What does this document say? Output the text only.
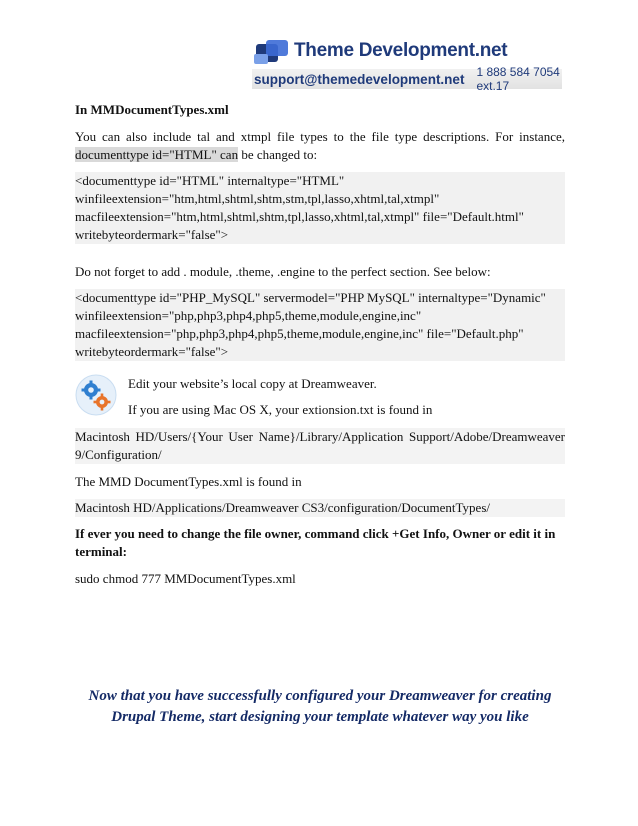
Theme Development.net
support@themedevelopment.net 1 888 584 7054 ext.17
In MMDocumentTypes.xml
You can also include tal and xtmpl file types to the file type descriptions. For instance,
documenttype id="HTML" can be changed to:
<documenttype id="HTML" internaltype="HTML"
winfileextension="htm,html,shtml,shtm,stm,tpl,lasso,xhtml,tal,xtmpl"
macfileextension="htm,html,shtml,shtm,tpl,lasso,xhtml,tal,xtmpl" file="Default.html"
writebyteordermark="false">
Do not forget to add . module, .theme, .engine to the perfect section. See below:
<documenttype id="PHP_MySQL" servermodel="PHP MySQL" internaltype="Dynamic"
winfileextension="php,php3,php4,php5,theme,module,engine,inc"
macfileextension="php,php3,php4,php5,theme,module,engine,inc" file="Default.php"
writebyteordermark="false">
Edit your website’s local copy at Dreamweaver.
If you are using Mac OS X, your extionsion.txt is found in
Macintosh HD/Users/{Your User Name}/Library/Application Support/Adobe/Dreamweaver 9/Configuration/
The MMD DocumentTypes.xml is found in
Macintosh HD/Applications/Dreamweaver CS3/configuration/DocumentTypes/
If ever you need to change the file owner, command click +Get Info, Owner or edit it in terminal:
sudo chmod 777 MMDocumentTypes.xml
Now that you have successfully configured your Dreamweaver for creating Drupal Theme, start designing your template whatever way you like
